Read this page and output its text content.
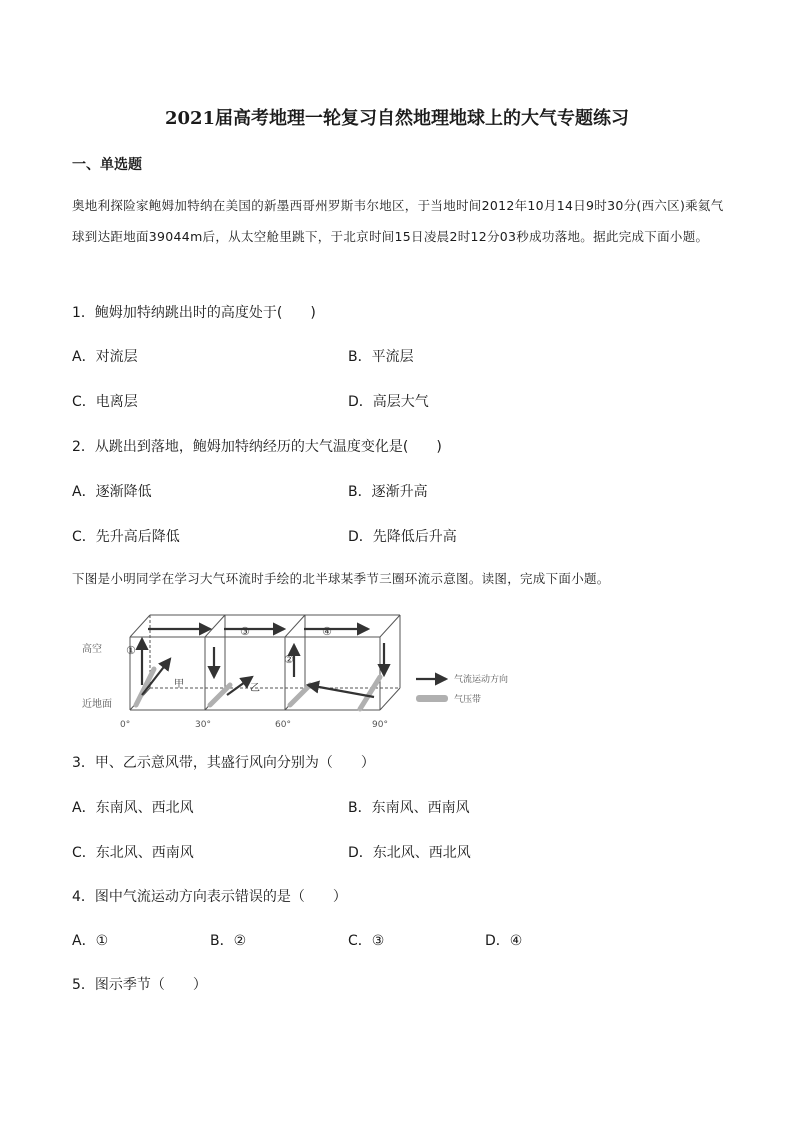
2021届高考地理一轮复习自然地理地球上的大气专题练习
一、单选题
奥地利探险家鲍姆加特纳在美国的新墨西哥州罗斯韦尔地区，于当地时间2012年10月14日9时30分(西六区)乘氦气球到达距地面39044m后，从太空舱里跳下，于北京时间15日凌晨2时12分03秒成功落地。据此完成下面小题。
1．鲍姆加特纳跳出时的高度处于(　　)
A．对流层	B．平流层
C．电离层	D．高层大气
2．从跳出到落地，鲍姆加特纳经历的大气温度变化是(　　)
A．逐渐降低	B．逐渐升高
C．先升高后降低	D．先降低后升高
下图是小明同学在学习大气环流时手绘的北半球某季节三圈环流示意图。读图，完成下面小题。
高空
近地面
0°	30°	60°	90°
①
②
③	④
甲	乙
气流运动方向
气压带
3．甲、乙示意风带，其盛行风向分别为（　　）
A．东南风、西北风	B．东南风、西南风
C．东北风、西南风	D．东北风、西北风
4．图中气流运动方向表示错误的是（　　）
A．①	B．②	C．③	D．④
5．图示季节（　　）
